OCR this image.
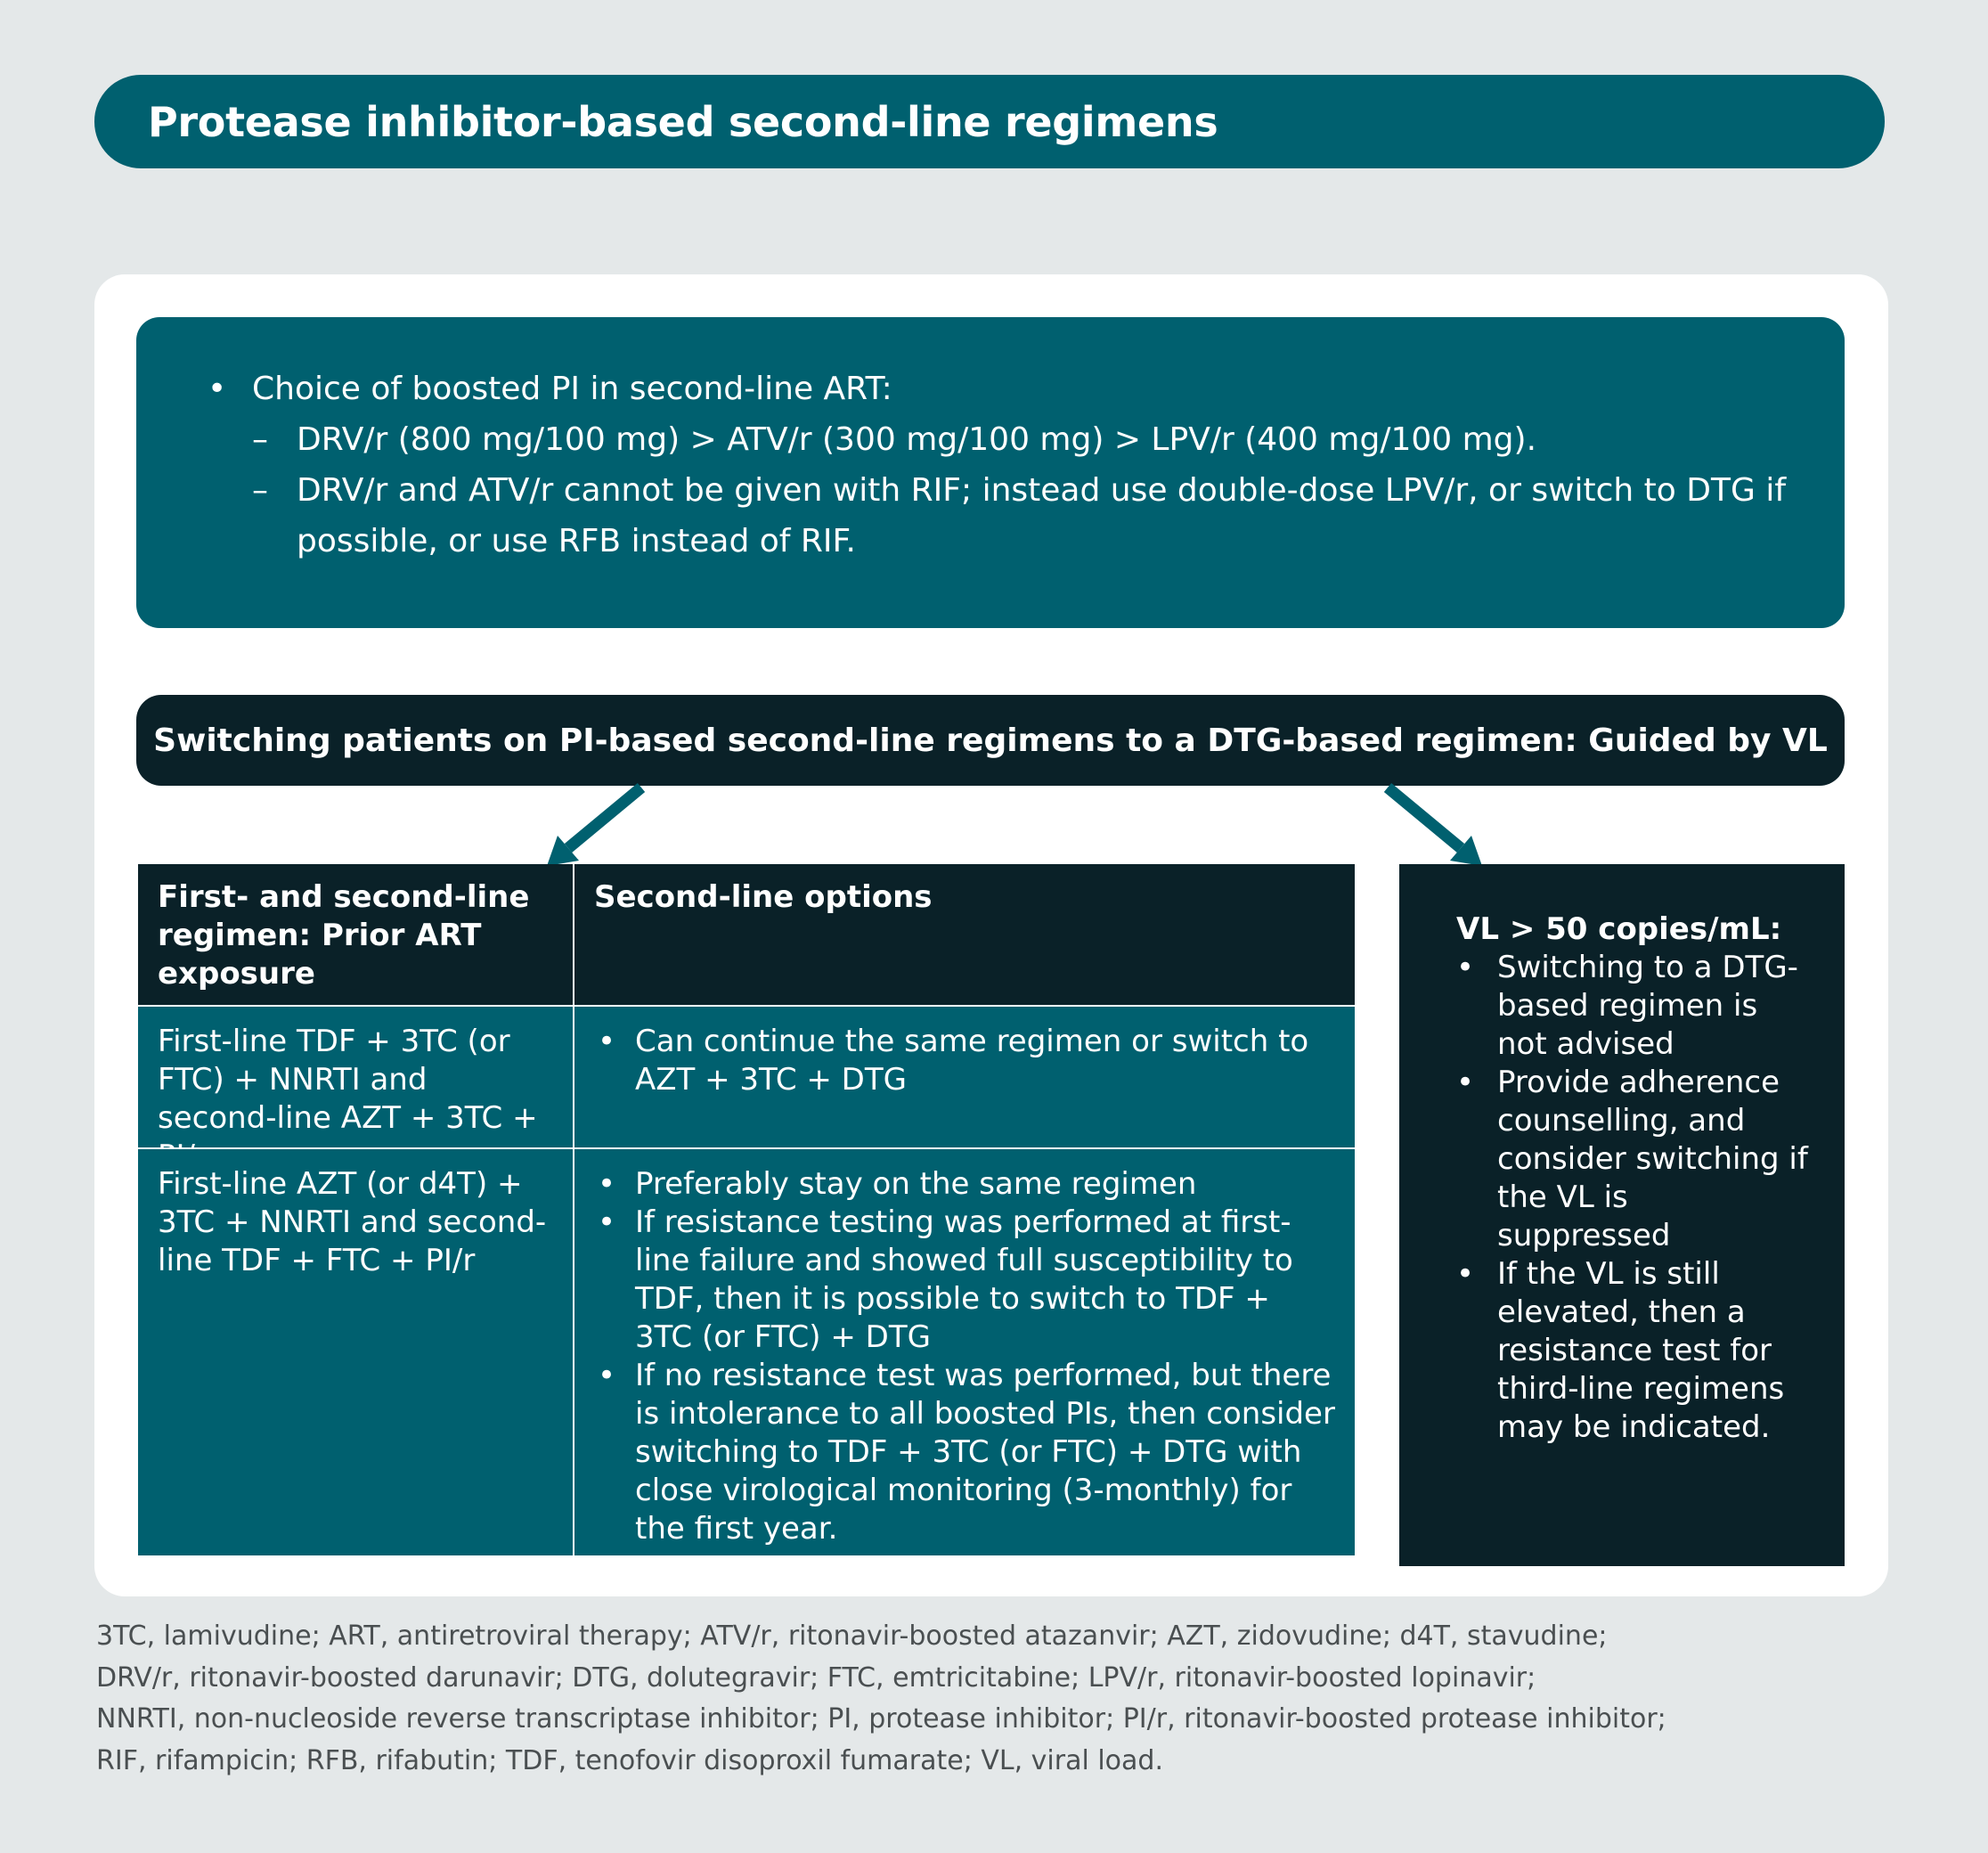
Protease inhibitor-based second-line regimens
• Choice of boosted PI in second-line ART:
– DRV/r (800 mg/100 mg) > ATV/r (300 mg/100 mg) > LPV/r (400 mg/100 mg).
– DRV/r and ATV/r cannot be given with RIF; instead use double-dose LPV/r, or switch to DTG if possible, or use RFB instead of RIF.
Switching patients on PI-based second-line regimens to a DTG-based regimen: Guided by VL
First- and second-line regimen: Prior ART exposure
Second-line options
First-line TDF + 3TC (or FTC) + NNRTI and second-line AZT + 3TC +
• Can continue the same regimen or switch to AZT + 3TC + DTG
First-line AZT (or d4T) + 3TC + NNRTI and second-line TDF + FTC + PI/r
• Preferably stay on the same regimen
• If resistance testing was performed at first-line failure and showed full susceptibility to TDF, then it is possible to switch to TDF + 3TC (or FTC) + DTG
• If no resistance test was performed, but there is intolerance to all boosted PIs, then consider switching to TDF + 3TC (or FTC) + DTG with close virological monitoring (3-monthly) for the first year.
VL > 50 copies/mL:
• Switching to a DTG-based regimen is not advised
• Provide adherence counselling, and consider switching if the VL is suppressed
• If the VL is still elevated, then a resistance test for third-line regimens may be indicated.
3TC, lamivudine; ART, antiretroviral therapy; ATV/r, ritonavir-boosted atazanvir; AZT, zidovudine; d4T, stavudine;
DRV/r, ritonavir-boosted darunavir; DTG, dolutegravir; FTC, emtricitabine; LPV/r, ritonavir-boosted lopinavir;
NNRTI, non-nucleoside reverse transcriptase inhibitor; PI, protease inhibitor; PI/r, ritonavir-boosted protease inhibitor;
RIF, rifampicin; RFB, rifabutin; TDF, tenofovir disoproxil fumarate; VL, viral load.
